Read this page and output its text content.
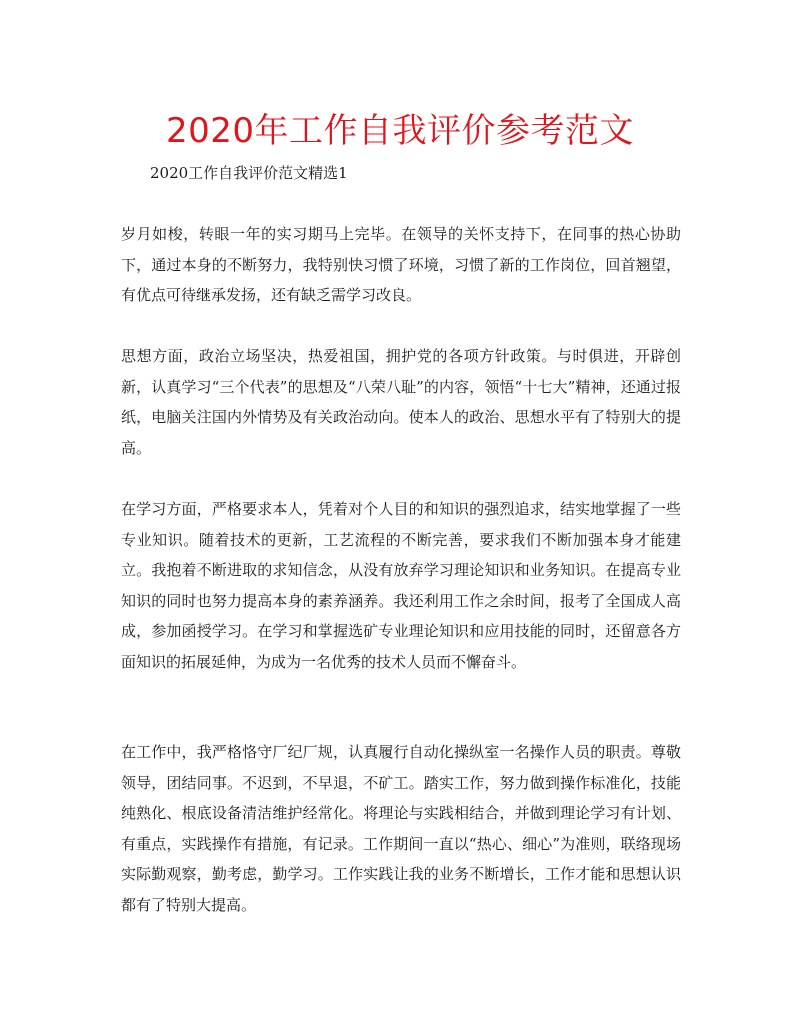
2020年工作自我评价参考范文

2020工作自我评价范文精选1

岁月如梭，转眼一年的实习期马上完毕。在领导的关怀支持下，在同事的热心协助下，通过本身的不断努力，我特别快习惯了环境，习惯了新的工作岗位，回首翘望，有优点可待继承发扬，还有缺乏需学习改良。

思想方面，政治立场坚决，热爱祖国，拥护党的各项方针政策。与时俱进，开辟创新，认真学习“三个代表”的思想及“八荣八耻”的内容，领悟“十七大”精神，还通过报纸，电脑关注国内外情势及有关政治动向。使本人的政治、思想水平有了特别大的提高。

在学习方面，严格要求本人，凭着对个人目的和知识的强烈追求，结实地掌握了一些专业知识。随着技术的更新，工艺流程的不断完善，要求我们不断加强本身才能建立。我抱着不断进取的求知信念，从没有放弃学习理论知识和业务知识。在提高专业知识的同时也努力提高本身的素养涵养。我还利用工作之余时间，报考了全国成人高成，参加函授学习。在学习和掌握选矿专业理论知识和应用技能的同时，还留意各方面知识的拓展延伸，为成为一名优秀的技术人员而不懈奋斗。

在工作中，我严格恪守厂纪厂规，认真履行自动化操纵室一名操作人员的职责。尊敬领导，团结同事。不迟到，不早退，不矿工。踏实工作，努力做到操作标准化，技能纯熟化、根底设备清洁维护经常化。将理论与实践相结合，并做到理论学习有计划、有重点，实践操作有措施，有记录。工作期间一直以“热心、细心”为准则，联络现场实际勤观察，勤考虑，勤学习。工作实践让我的业务不断增长，工作才能和思想认识都有了特别大提高。
